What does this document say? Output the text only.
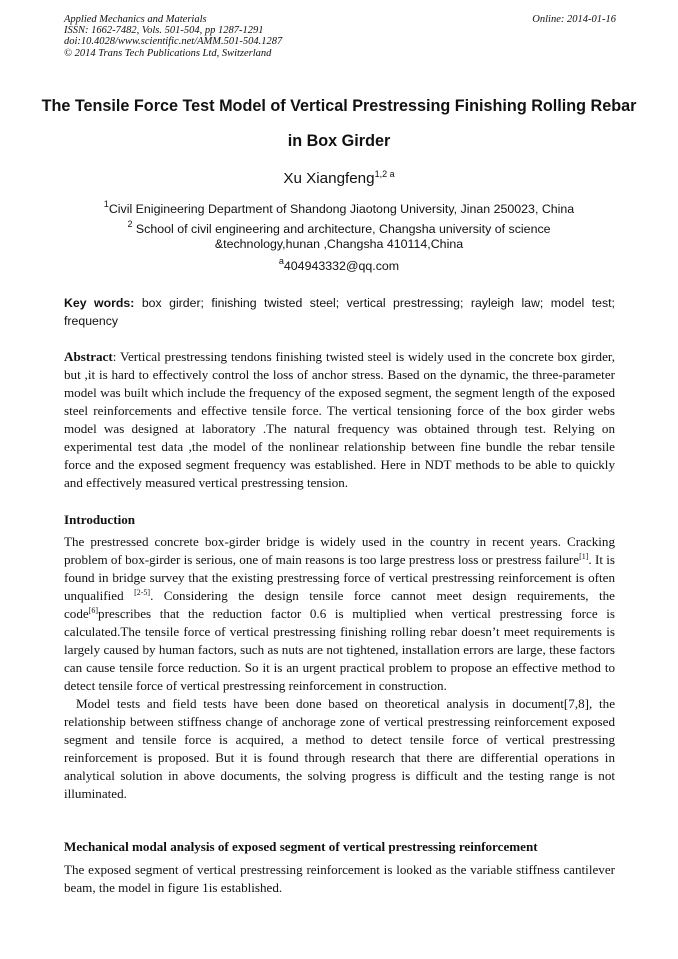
Applied Mechanics and Materials
ISSN: 1662-7482, Vols. 501-504, pp 1287-1291
doi:10.4028/www.scientific.net/AMM.501-504.1287
© 2014 Trans Tech Publications Ltd, Switzerland
Online: 2014-01-16
The Tensile Force Test Model of Vertical Prestressing Finishing Rolling Rebar in Box Girder
Xu Xiangfeng$^{1,2 a}$
$^1$Civil Enigineering Department of Shandong Jiaotong University, Jinan 250023, China
$^2$ School of civil engineering and architecture, Changsha university of science &technology,hunan ,Changsha 410114,China
$^a$404943332@qq.com
Key words: box girder; finishing twisted steel; vertical prestressing; rayleigh law; model test; frequency
Abstract: Vertical prestressing tendons finishing twisted steel is widely used in the concrete box girder, but ,it is hard to effectively control the loss of anchor stress. Based on the dynamic, the three-parameter model was built which include the frequency of the exposed segment, the segment length of the exposed steel reinforcements and effective tensile force. The vertical tensioning force of the box girder webs model was designed at laboratory .The natural frequency was obtained through test. Relying on experimental test data ,the model of the nonlinear relationship between fine bundle the rebar tensile force and the exposed segment frequency was established. Here in NDT methods to be able to quickly and effectively measured vertical prestressing tension.
Introduction

The prestressed concrete box-girder bridge is widely used in the country in recent years. Cracking problem of box-girder is serious, one of main reasons is too large prestress loss or prestress failure[1]. It is found in bridge survey that the existing prestressing force of vertical prestressing reinforcement is often unqualified [2-5]. Considering the design tensile force cannot meet design requirements, the code[6]prescribes that the reduction factor 0.6 is multiplied when vertical prestressing force is calculated.The tensile force of vertical prestressing finishing rolling rebar doesn’t meet requirements is largely caused by human factors, such as nuts are not tightened, installation errors are large, these factors can cause tensile force reduction. So it is an urgent practical problem to propose an effective method to detect tensile force of vertical prestressing reinforcement in construction.

Model tests and field tests have been done based on theoretical analysis in document[7,8], the relationship between stiffness change of anchorage zone of vertical prestressing reinforcement exposed segment and tensile force is acquired, a method to detect tensile force of vertical prestressing reinforcement is proposed. But it is found through research that there are differential operations in analytical solution in above documents, the solving progress is difficult and the testing range is not illuminated.

Mechanical modal analysis of exposed segment of vertical prestressing reinforcement
The exposed segment of vertical prestressing reinforcement is looked as the variable stiffness cantilever beam, the model in figure 1is established.
